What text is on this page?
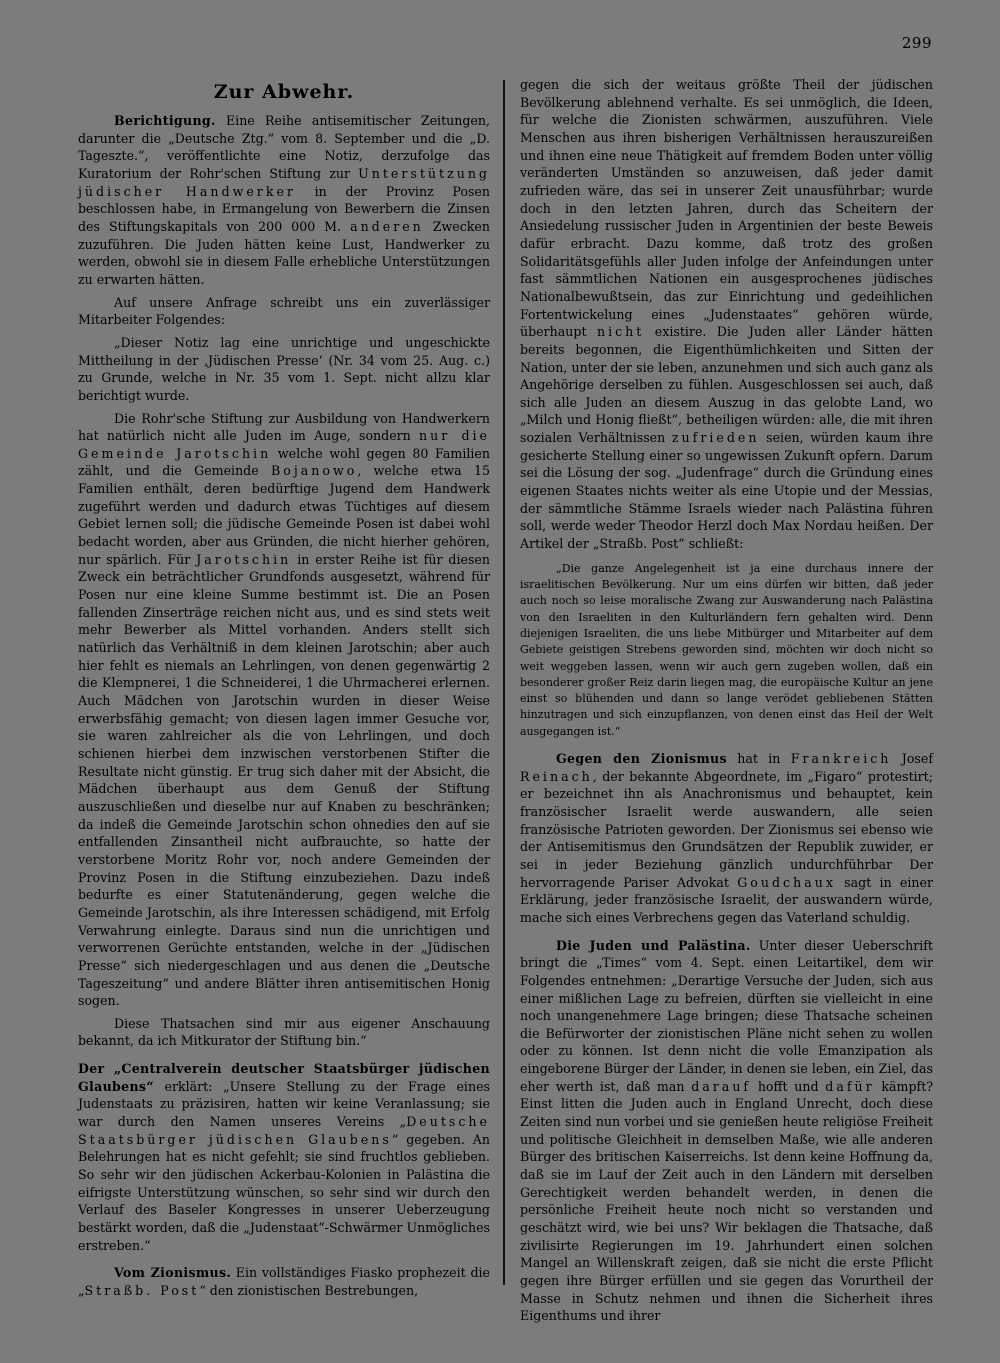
299
Zur Abwehr.

Berichtigung. Eine Reihe antisemitischer Zeitungen, darunter die „Deutsche Ztg.“ vom 8. September und die „D. Tageszte.“, veröffentlichte eine Notiz, derzufolge das Kuratorium der Rohr'schen Stiftung zur Unterstützung jüdischer Handwerker in der Provinz Posen beschlossen habe, in Ermangelung von Bewerbern die Zinsen des Stiftungskapitals von 200 000 M. anderen Zwecken zuzuführen. Die Juden hätten keine Lust, Handwerker zu werden, obwohl sie in diesem Falle erhebliche Unterstützungen zu erwarten hätten.

Auf unsere Anfrage schreibt uns ein zuverlässiger Mitarbeiter Folgendes:

„Dieser Notiz lag eine unrichtige und ungeschickte Mittheilung in der ‚Jüdischen Presse‘ (Nr. 34 vom 25. Aug. c.) zu Grunde, welche in Nr. 35 vom 1. Sept. nicht allzu klar berichtigt wurde.

Die Rohr'sche Stiftung zur Ausbildung von Handwerkern hat natürlich nicht alle Juden im Auge, sondern nur die Gemeinde Jarotschin welche wohl gegen 80 Familien zählt, und die Gemeinde Bojanowo, welche etwa 15 Familien enthält, deren bedürftige Jugend dem Handwerk zugeführt werden und dadurch etwas Tüchtiges auf diesem Gebiet lernen soll; die jüdische Gemeinde Posen ist dabei wohl bedacht worden, aber aus Gründen, die nicht hierher gehören, nur spärlich. Für Jarotschin in erster Reihe ist für diesen Zweck ein beträchtlicher Grundfonds ausgesetzt, während für Posen nur eine kleine Summe bestimmt ist. Die an Posen fallenden Zinserträge reichen nicht aus, und es sind stets weit mehr Bewerber als Mittel vorhanden. Anders stellt sich natürlich das Verhältniß in dem kleinen Jarotschin; aber auch hier fehlt es niemals an Lehrlingen, von denen gegenwärtig 2 die Klempnerei, 1 die Schneiderei, 1 die Uhrmacherei erlernen. Auch Mädchen von Jarotschin wurden in dieser Weise erwerbsfähig gemacht; von diesen lagen immer Gesuche vor, sie waren zahlreicher als die von Lehrlingen, und doch schienen hierbei dem inzwischen verstorbenen Stifter die Resultate nicht günstig. Er trug sich daher mit der Absicht, die Mädchen überhaupt aus dem Genuß der Stiftung auszuschließen und dieselbe nur auf Knaben zu beschränken; da indeß die Gemeinde Jarotschin schon ohnedies den auf sie entfallenden Zinsantheil nicht aufbrauchte, so hatte der verstorbene Moritz Rohr vor, noch andere Gemeinden der Provinz Posen in die Stiftung einzubeziehen. Dazu indeß bedurfte es einer Statutenänderung, gegen welche die Gemeinde Jarotschin, als ihre Interessen schädigend, mit Erfolg Verwahrung einlegte. Daraus sind nun die unrichtigen und verworrenen Gerüchte entstanden, welche in der „Jüdischen Presse“ sich niedergeschlagen und aus denen die „Deutsche Tageszeitung“ und andere Blätter ihren antisemitischen Honig sogen.

Diese Thatsachen sind mir aus eigener Anschauung bekannt, da ich Mitkurator der Stiftung bin.“

Der „Centralverein deutscher Staatsbürger jüdischen Glaubens“ erklärt: „Unsere Stellung zu der Frage eines Judenstaats zu präzisiren, hatten wir keine Veranlassung; sie war durch den Namen unseres Vereins „Deutsche Staatsbürger jüdischen Glaubens“ gegeben. An Belehrungen hat es nicht gefehlt; sie sind fruchtlos geblieben. So sehr wir den jüdischen Ackerbau-Kolonien in Palästina die eifrigste Unterstützung wünschen, so sehr sind wir durch den Verlauf des Baseler Kongresses in unserer Ueberzeugung bestärkt worden, daß die „Judenstaat“-Schwärmer Unmögliches erstreben.“

Vom Zionismus. Ein vollständiges Fiasko prophezeit die „Straßb. Post“ den zionistischen Bestrebungen,

gegen die sich der weitaus größte Theil der jüdischen Bevölkerung ablehnend verhalte. Es sei unmöglich, die Ideen, für welche die Zionisten schwärmen, auszuführen. Viele Menschen aus ihren bisherigen Verhältnissen herauszureißen und ihnen eine neue Thätigkeit auf fremdem Boden unter völlig veränderten Umständen so anzuweisen, daß jeder damit zufrieden wäre, das sei in unserer Zeit unausführbar; wurde doch in den letzten Jahren, durch das Scheitern der Ansiedelung russischer Juden in Argentinien der beste Beweis dafür erbracht. Dazu komme, daß trotz des großen Solidaritätsgefühls aller Juden infolge der Anfeindungen unter fast sämmtlichen Nationen ein ausgesprochenes jüdisches Nationalbewußtsein, das zur Einrichtung und gedeihlichen Fortentwickelung eines „Judenstaates“ gehören würde, überhaupt nicht existire. Die Juden aller Länder hätten bereits begonnen, die Eigenthümlichkeiten und Sitten der Nation, unter der sie leben, anzunehmen und sich auch ganz als Angehörige derselben zu fühlen. Ausgeschlossen sei auch, daß sich alle Juden an diesem Auszug in das gelobte Land, wo „Milch und Honig fließt“, betheiligen würden: alle, die mit ihren sozialen Verhältnissen zufrieden seien, würden kaum ihre gesicherte Stellung einer so ungewissen Zukunft opfern. Darum sei die Lösung der sog. „Judenfrage“ durch die Gründung eines eigenen Staates nichts weiter als eine Utopie und der Messias, der sämmtliche Stämme Israels wieder nach Palästina führen soll, werde weder Theodor Herzl doch Max Nordau heißen. Der Artikel der „Straßb. Post“ schließt:

„Die ganze Angelegenheit ist ja eine durchaus innere der israelitischen Bevölkerung. Nur um eins dürfen wir bitten, daß jeder auch noch so leise moralische Zwang zur Auswanderung nach Palästina von den Israeliten in den Kulturländern fern gehalten wird. Denn diejenigen Israeliten, die uns liebe Mitbürger und Mitarbeiter auf dem Gebiete geistigen Strebens geworden sind, möchten wir doch nicht so weit weggeben lassen, wenn wir auch gern zugeben wollen, daß ein besonderer großer Reiz darin liegen mag, die europäische Kultur an jene einst so blühenden und dann so lange verödet gebliebenen Stätten hinzutragen und sich einzupflanzen, von denen einst das Heil der Welt ausgegangen ist.“

Gegen den Zionismus hat in Frankreich Josef Reinach, der bekannte Abgeordnete, im „Figaro“ protestirt; er bezeichnet ihn als Anachronismus und behauptet, kein französischer Israelit werde auswandern, alle seien französische Patrioten geworden. Der Zionismus sei ebenso wie der Antisemitismus den Grundsätzen der Republik zuwider, er sei in jeder Beziehung gänzlich undurchführbar Der hervorragende Pariser Advokat Goudchaux sagt in einer Erklärung, jeder französische Israelit, der auswandern würde, mache sich eines Verbrechens gegen das Vaterland schuldig.

Die Juden und Palästina. Unter dieser Ueberschrift bringt die „Times“ vom 4. Sept. einen Leitartikel, dem wir Folgendes entnehmen: „Derartige Versuche der Juden, sich aus einer mißlichen Lage zu befreien, dürften sie vielleicht in eine noch unangenehmere Lage bringen; diese Thatsache scheinen die Befürworter der zionistischen Pläne nicht sehen zu wollen oder zu können. Ist denn nicht die volle Emanzipation als eingeborene Bürger der Länder, in denen sie leben, ein Ziel, das eher werth ist, daß man darauf hofft und dafür kämpft? Einst litten die Juden auch in England Unrecht, doch diese Zeiten sind nun vorbei und sie genießen heute religiöse Freiheit und politische Gleichheit in demselben Maße, wie alle anderen Bürger des britischen Kaiserreichs. Ist denn keine Hoffnung da, daß sie im Lauf der Zeit auch in den Ländern mit derselben Gerechtigkeit werden behandelt werden, in denen die persönliche Freiheit heute noch nicht so verstanden und geschätzt wird, wie bei uns? Wir beklagen die Thatsache, daß zivilisirte Regierungen im 19. Jahrhundert einen solchen Mangel an Willenskraft zeigen, daß sie nicht die erste Pflicht gegen ihre Bürger erfüllen und sie gegen das Vorurtheil der Masse in Schutz nehmen und ihnen die Sicherheit ihres Eigenthums und ihrer
